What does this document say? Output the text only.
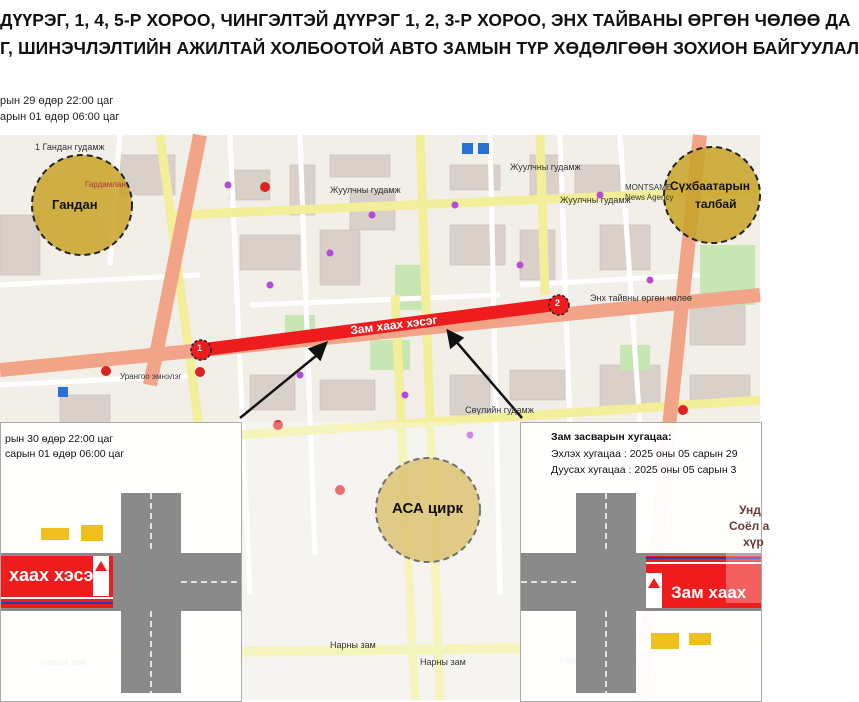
ДҮҮРЭГ, 1, 4, 5-Р ХОРОО, ЧИНГЭЛТЭЙ ДҮҮРЭГ 1, 2, 3-Р ХОРОО, ЭНХ ТАЙВАНЫ ӨРГӨН ЧӨЛӨӨ ДА
Г, ШИНЭЧЛЭЛТИЙН АЖИЛТАЙ ХОЛБООТОЙ АВТО ЗАМЫН ТҮР ХӨДӨЛГӨӨН ЗОХИОН БАЙГУУЛАЛ
рын 29 өдөр 22:00 цаг
арын 01 өдөр 06:00 цаг
1 Гандан гудамж
Жуулчны гудамж
Жуулчны гудамж
Жуулчны гудамж
Энх тайвны өргөн чөлөө
Сөүлийн гудамж
Урангоо эмнэлэг
Гардамлан	MONTSAME
News Agency
Нарны зам
Нарны зам
Зам хаах хэсэг
1
2
Гандан
Сүхбаатарын
талбай
АСА цирк
рын 30 өдөр 22:00 цаг
сарын 01 өдөр 06:00 цаг
хаах хэсэг
Зам засварын хугацаа:
Эхлэх хугацаа : 2025 оны 05 сарын 29
Дуусах хугацаа : 2025 оны 05 сарын 3
Зам хаах
Унд
Соёл а
хүр
